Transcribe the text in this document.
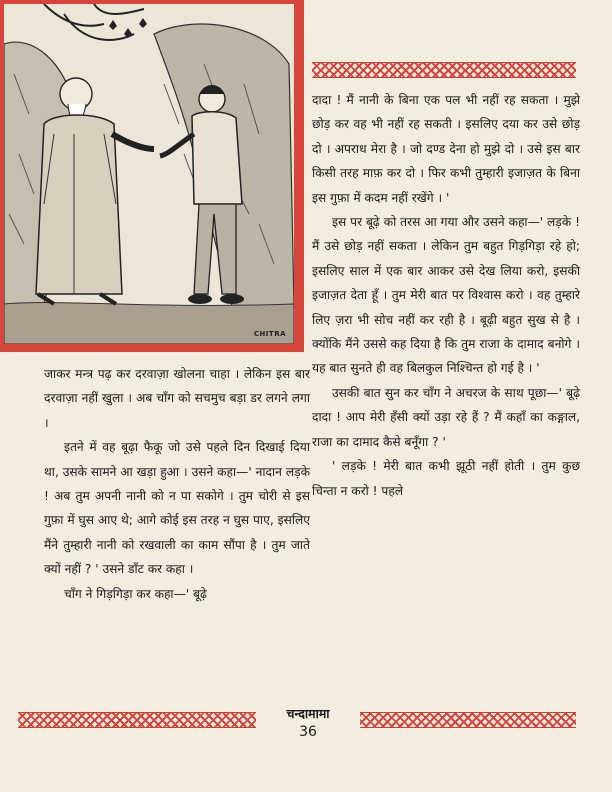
CHITRA

दादा ! मैं नानी के बिना एक पल भी नहीं रह सकता । मुझे छोड़ कर वह भी नहीं रह सकती । इसलिए दया कर उसे छोड़ दो । अपराध मेरा है । जो दण्ड देना हो मुझे दो । उसे इस बार किसी तरह माफ़ कर दो । फिर कभी तुम्हारी इजाज़त के बिना इस गुफ़ा में कदम नहीं रखेंगे । '

इस पर बूढ़े को तरस आ गया और उसने कहा—' लड़के ! मैं उसे छोड़ नहीं सकता । लेकिन तुम बहुत गिड़गिड़ा रहे हो; इसलिए साल में एक बार आकर उसे देख लिया करो, इसकी इजाज़त देता हूँ । तुम मेरी बात पर विश्वास करो । वह तुम्हारे लिए ज़रा भी सोच नहीं कर रही है । बूढ़ी बहुत सुख से है । क्योंकि मैंने उससे कह दिया है कि तुम राजा के दामाद बनोगे । यह बात सुनते ही वह बिलकुल निश्चिन्त हो गई है । '

उसकी बात सुन कर चाँग ने अचरज के साथ पूछा—' बूढ़े दादा ! आप मेरी हँसी क्यों उड़ा रहे हैं ? मैं कहाँ का कङ्गाल, राजा का दामाद कैसे बनूँगा ? '

' लड़के ! मेरी बात कभी झूठी नहीं होती । तुम कुछ चिन्ता न करो ! पहले

जाकर मन्त्र पढ़ कर दरवाज़ा खोलना चाहा । लेकिन इस बार दरवाज़ा नहीं खुला । अब चाँग को सचमुच बड़ा डर लगने लगा ।

इतने में वह बूढ़ा फैकू जो उसे पहले दिन दिखाई दिया था, उसके सामने आ खड़ा हुआ । उसने कहा—' नादान लड़के ! अब तुम अपनी नानी को न पा सकोगे । तुम चोरी से इस गुफ़ा में घुस आए थे; आगे कोई इस तरह न घुस पाए, इसलिए मैंने तुम्हारी नानी को रखवाली का काम सौंपा है । तुम जाते क्यों नहीं ? ' उसने डाँट कर कहा ।

चाँग ने गिड़गिड़ा कर कहा—' बूढ़े

चन्दामामा
36
